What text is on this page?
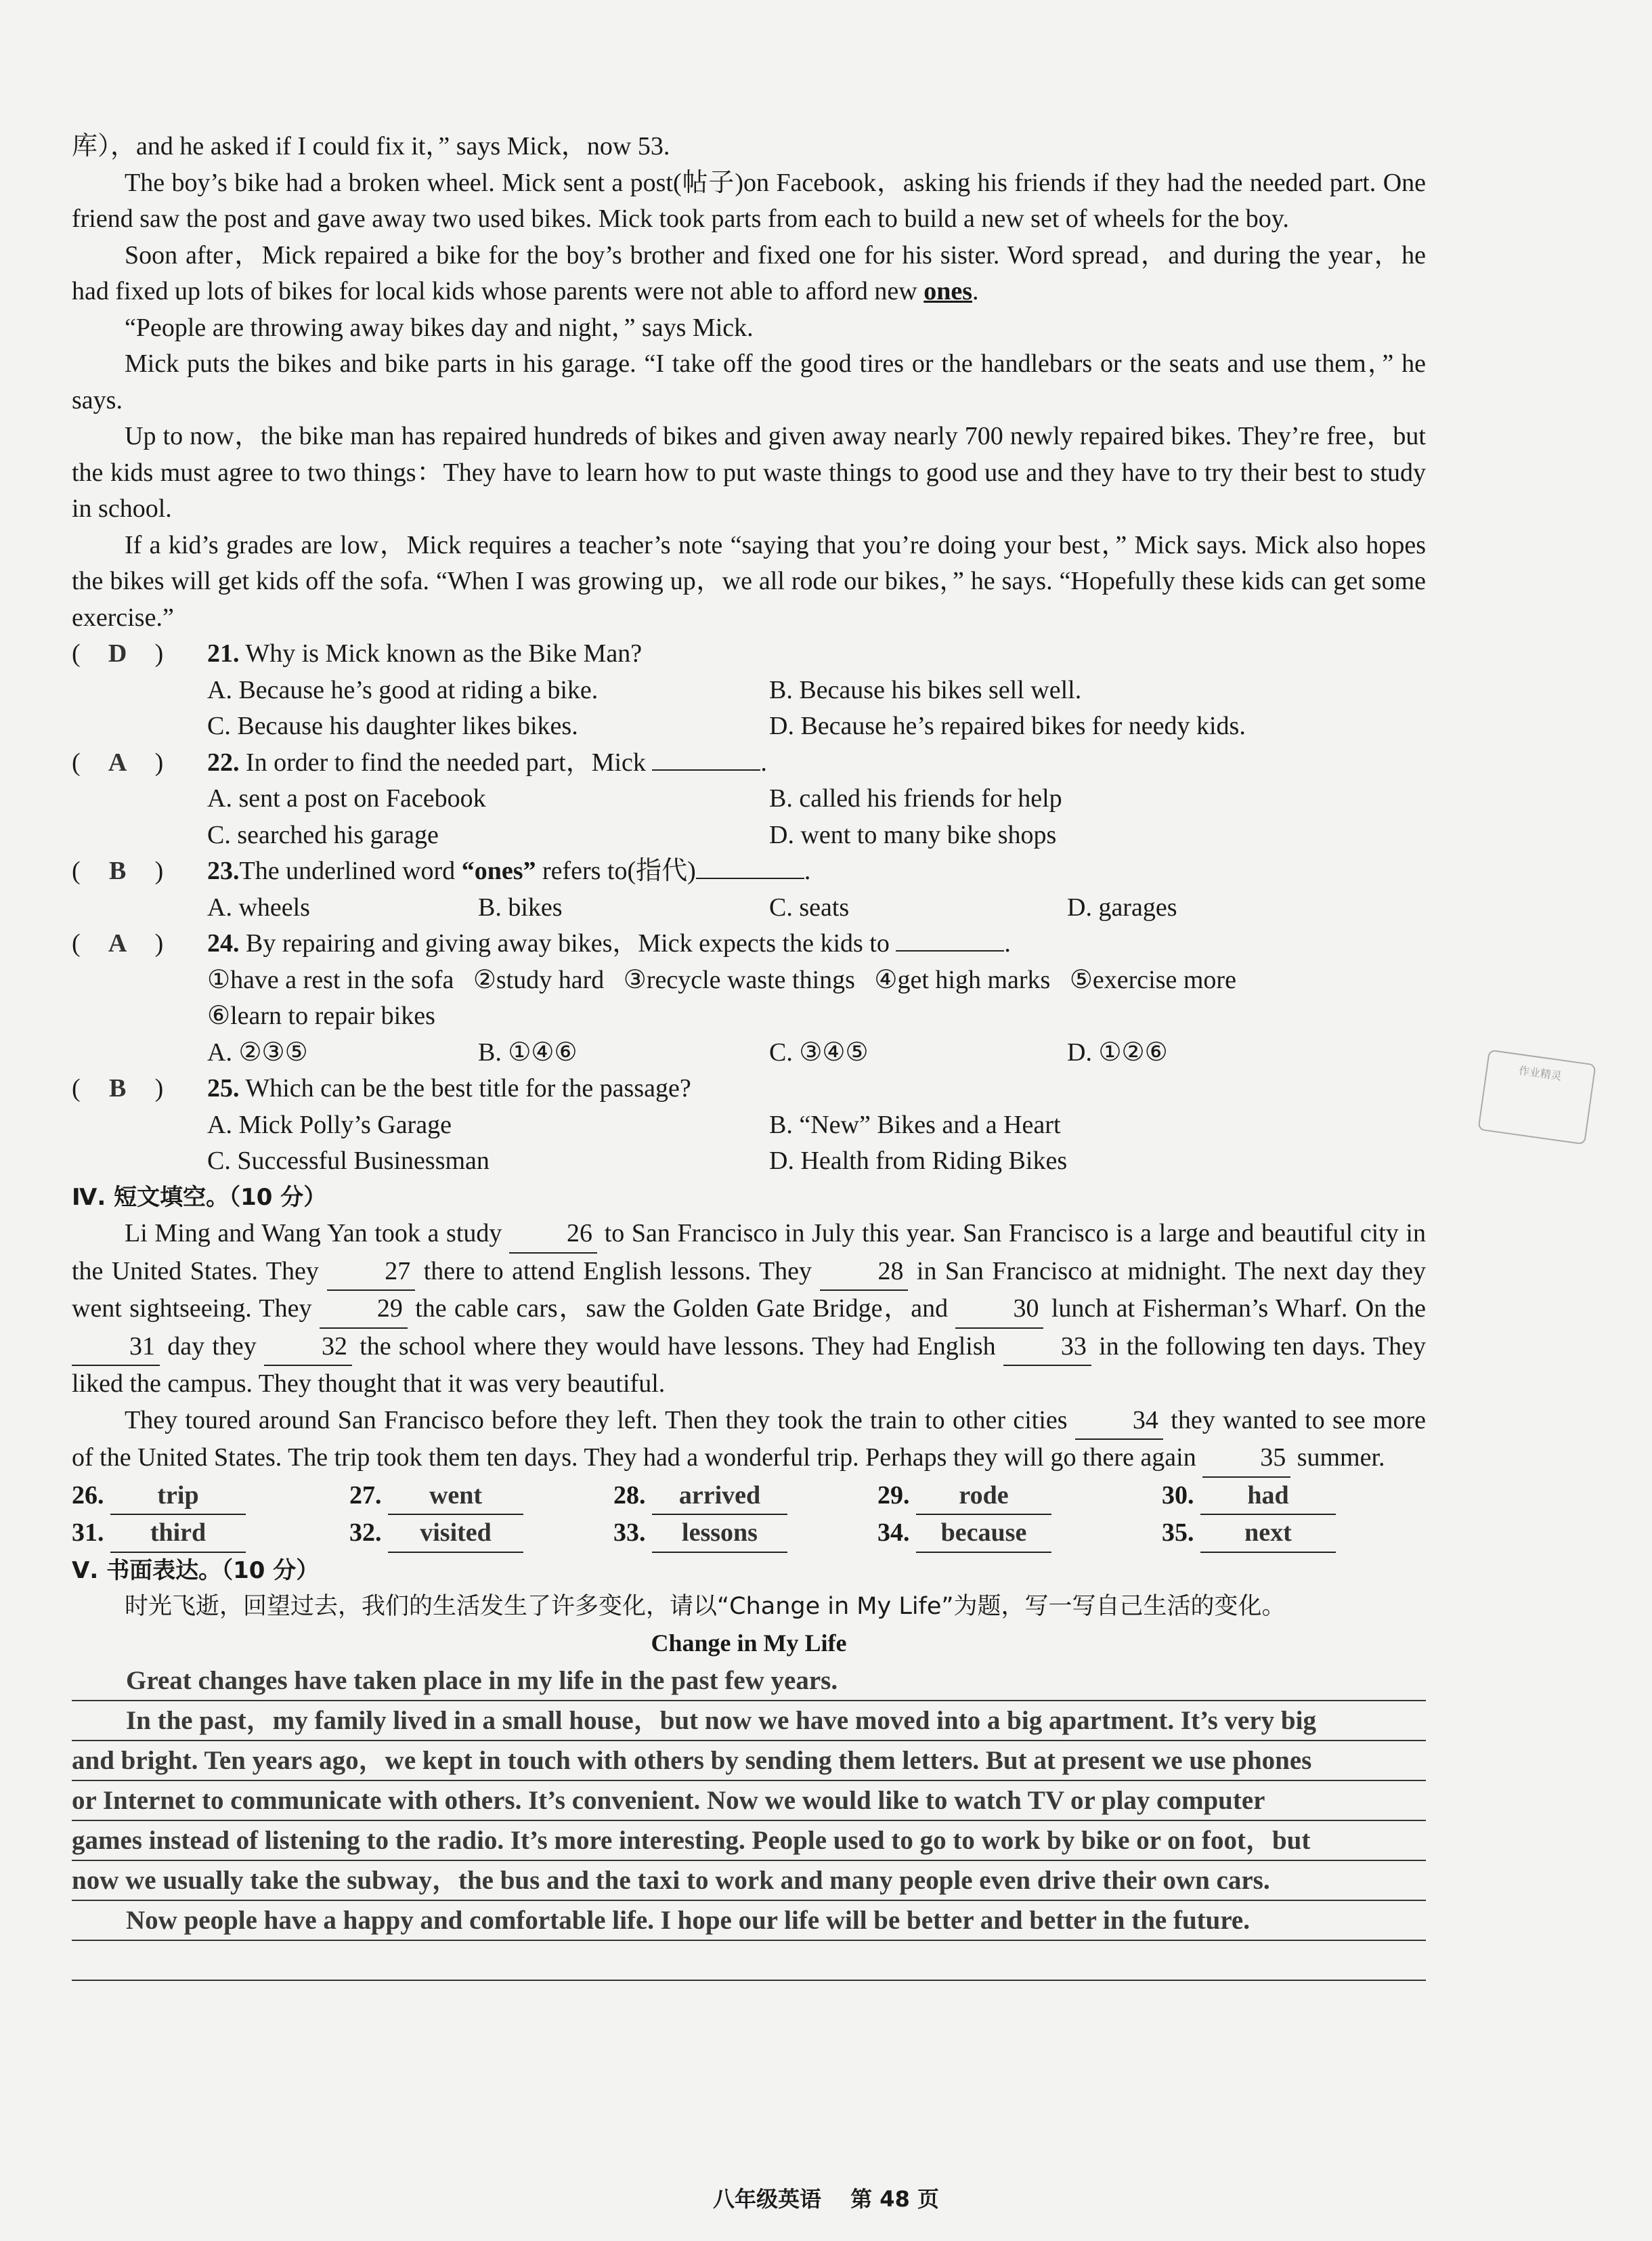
库），and he asked if I could fix it，” says Mick，now 53.

The boy’s bike had a broken wheel. Mick sent a post(帖子)on Facebook，asking his friends if they had the needed part. One friend saw the post and gave away two used bikes. Mick took parts from each to build a new set of wheels for the boy.

Soon after，Mick repaired a bike for the boy’s brother and fixed one for his sister. Word spread，and during the year，he had fixed up lots of bikes for local kids whose parents were not able to afford new ones.

“People are throwing away bikes day and night，” says Mick.

Mick puts the bikes and bike parts in his garage. “I take off the good tires or the handlebars or the seats and use them，” he says.

Up to now，the bike man has repaired hundreds of bikes and given away nearly 700 newly repaired bikes. They’re free，but the kids must agree to two things：They have to learn how to put waste things to good use and they have to try their best to study in school.

If a kid’s grades are low，Mick requires a teacher’s note “saying that you’re doing your best，” Mick says. Mick also hopes the bikes will get kids off the sofa. “When I was growing up，we all rode our bikes，” he says. “Hopefully these kids can get some exercise.”

( D )	21. Why is Mick known as the Bike Man?
A. Because he’s good at riding a bike.	B. Because his bikes sell well.
C. Because his daughter likes bikes.	D. Because he’s repaired bikes for needy kids.
( A )	22. In order to find the needed part，Mick	.
A. sent a post on Facebook	B. called his friends for help
C. searched his garage	D. went to many bike shops
( B )	23.The underlined word “ones” refers to(指代)	.
A. wheels	B. bikes	C. seats	D. garages
( A )	24. By repairing and giving away bikes，Mick expects the kids to	.
①have a rest in the sofa   ②study hard   ③recycle waste things   ④get high marks   ⑤exercise more
⑥learn to repair bikes
A. ②③⑤	B. ①④⑥	C. ③④⑤	D. ①②⑥
( B )	25. Which can be the best title for the passage?
A. Mick Polly’s Garage	B. “New” Bikes and a Heart
C. Successful Businessman	D. Health from Riding Bikes
Ⅳ. 短文填空。（10 分）

Li Ming and Wang Yan took a study 26 to San Francisco in July this year. San Francisco is a large and beautiful city in the United States. They 27 there to attend English lessons. They 28 in San Francisco at midnight. The next day they went sightseeing. They 29 the cable cars，saw the Golden Gate Bridge，and 30 lunch at Fisherman’s Wharf. On the 31 day they 32 the school where they would have lessons. They had English 33 in the following ten days. They liked the campus. They thought that it was very beautiful.

They toured around San Francisco before they left. Then they took the train to other cities 34 they wanted to see more of the United States. The trip took them ten days. They had a wonderful trip. Perhaps they will go there again 35 summer.

26. trip	27. went	28. arrived	29. rode	30. had
31. third	32. visited	33. lessons	34. because	35. next
Ⅴ. 书面表达。（10 分）

时光飞逝，回望过去，我们的生活发生了许多变化，请以“Change in My Life”为题，写一写自己生活的变化。

Change in My Life
Great changes have taken place in my life in the past few years.
In the past，my family lived in a small house，but now we have moved into a big apartment. It’s very big
and bright. Ten years ago，we kept in touch with others by sending them letters. But at present we use phones
or Internet to communicate with others. It’s convenient. Now we would like to watch TV or play computer
games instead of listening to the radio. It’s more interesting. People used to go to work by bike or on foot，but
now we usually take the subway，the bus and the taxi to work and many people even drive their own cars.
Now people have a happy and comfortable life. I hope our life will be better and better in the future.
作业精灵
八年级英语　 第 48 页
